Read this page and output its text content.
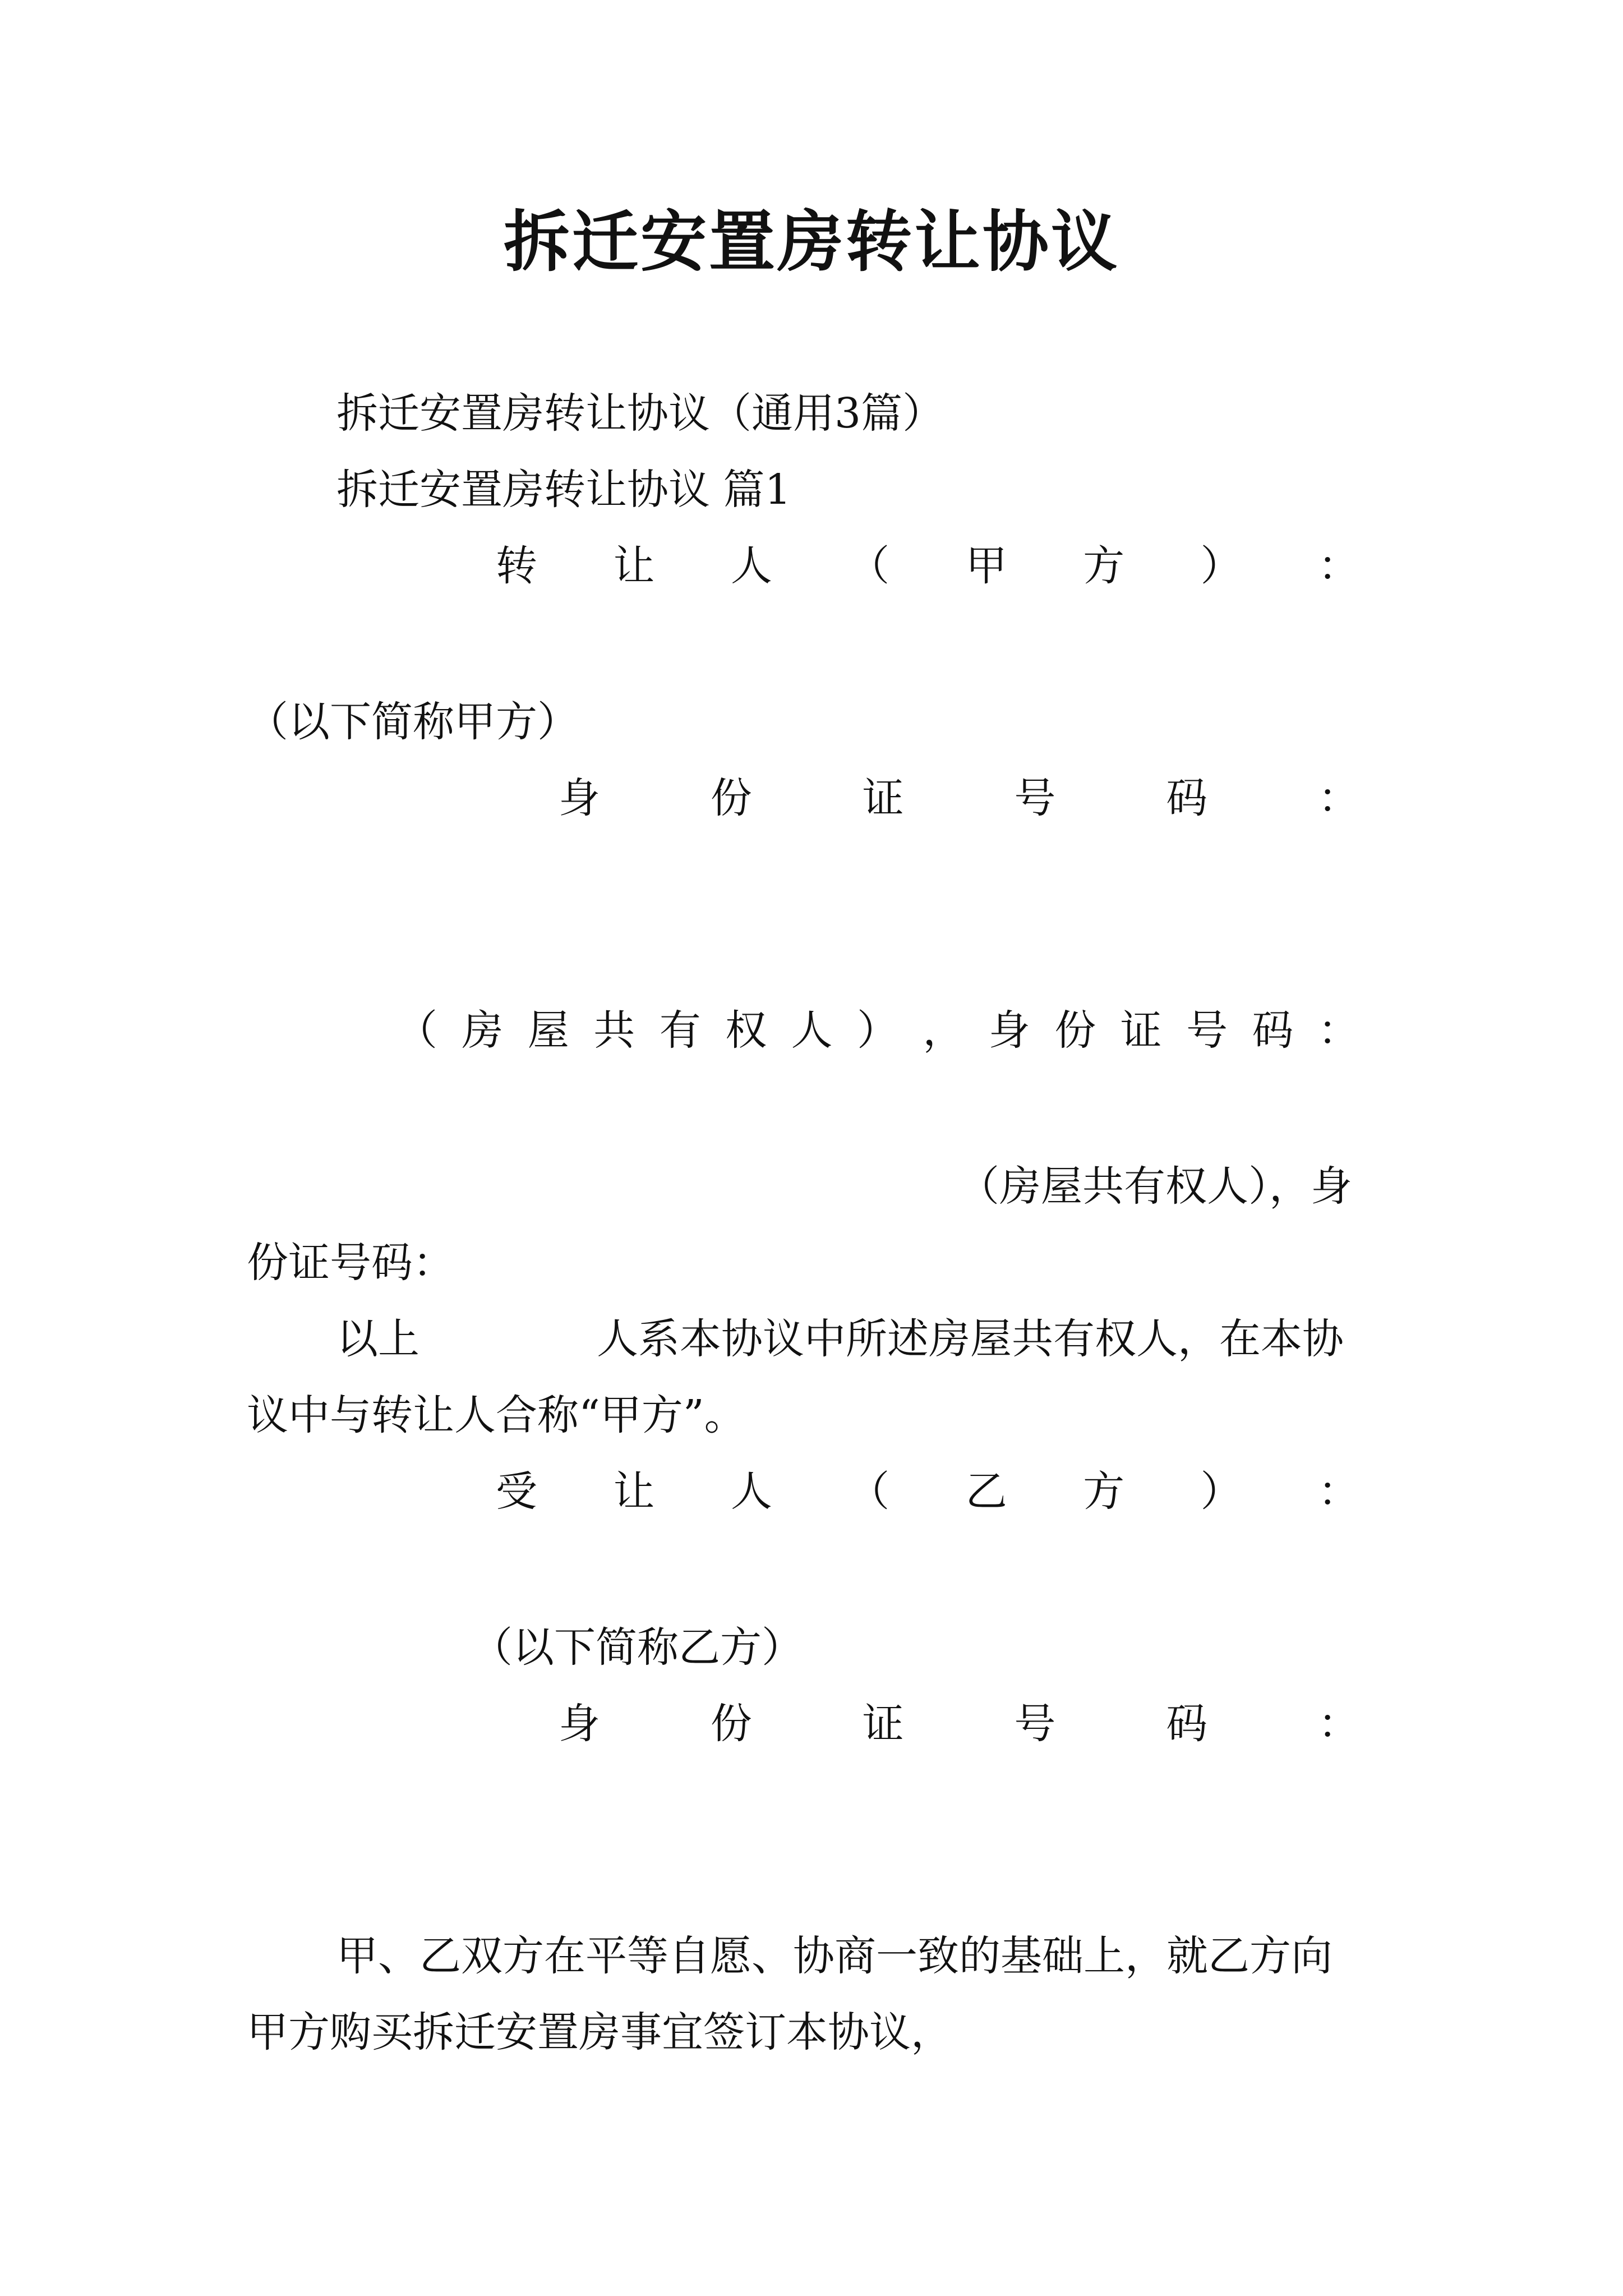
拆迁安置房转让协议
拆迁安置房转让协议（通用3篇）
拆迁安置房转让协议 篇1
转 让 人 （ 甲 方 ） ：
（以下简称甲方）
身	份	证	号	码	：
（ 房 屋 共 有 权 人 ） ， 身 份 证 号 码 ：
（房屋共有权人），身
份证号码：
以上	人系本协议中所述房屋共有权人，在本协
议中与转让人合称“甲方”。
受 让 人 （ 乙 方 ） ：
（以下简称乙方）
身	份	证	号	码	：
甲、乙双方在平等自愿、协商一致的基础上，就乙方向
甲方购买拆迁安置房事宜签订本协议，
